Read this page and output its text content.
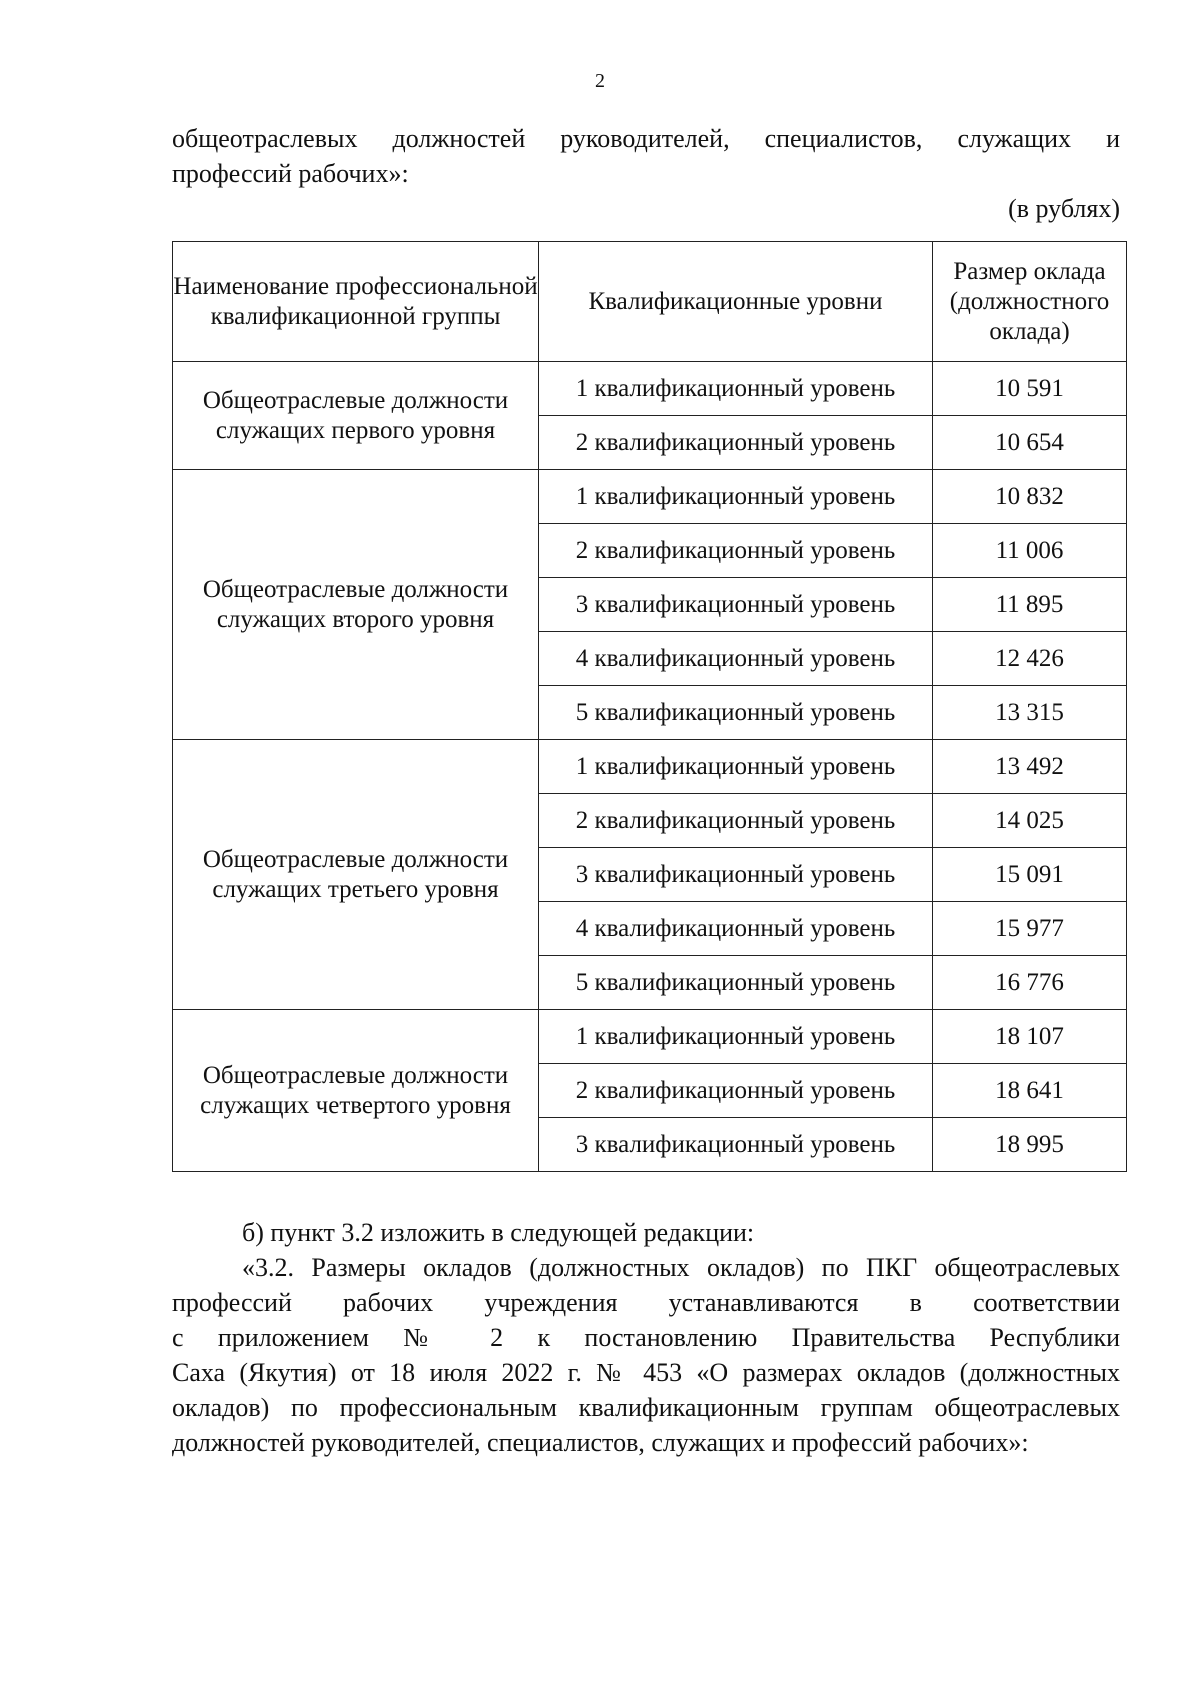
2
общеотраслевых должностей руководителей, специалистов, служащих и
профессий рабочих»:
(в рублях)
Наименование профессиональной квалификационной группы	Квалификационные уровни	Размер оклада (должностного оклада)
Общеотраслевые должности служащих первого уровня	1 квалификационный уровень	10 591
	2 квалификационный уровень	10 654
Общеотраслевые должности служащих второго уровня	1 квалификационный уровень	10 832
	2 квалификационный уровень	11 006
	3 квалификационный уровень	11 895
	4 квалификационный уровень	12 426
	5 квалификационный уровень	13 315
Общеотраслевые должности служащих третьего уровня	1 квалификационный уровень	13 492
	2 квалификационный уровень	14 025
	3 квалификационный уровень	15 091
	4 квалификационный уровень	15 977
	5 квалификационный уровень	16 776
Общеотраслевые должности служащих четвертого уровня	1 квалификационный уровень	18 107
	2 квалификационный уровень	18 641
	3 квалификационный уровень	18 995

б) пункт 3.2 изложить в следующей редакции:

«3.2. Размеры окладов (должностных окладов) по ПКГ общеотраслевых
профессий рабочих учреждения устанавливаются в соответствии
с приложением № 2 к постановлению Правительства Республики
Саха (Якутия) от 18 июля 2022 г. № 453 «О размерах окладов (должностных
окладов) по профессиональным квалификационным группам общеотраслевых
должностей руководителей, специалистов, служащих и профессий рабочих»:
